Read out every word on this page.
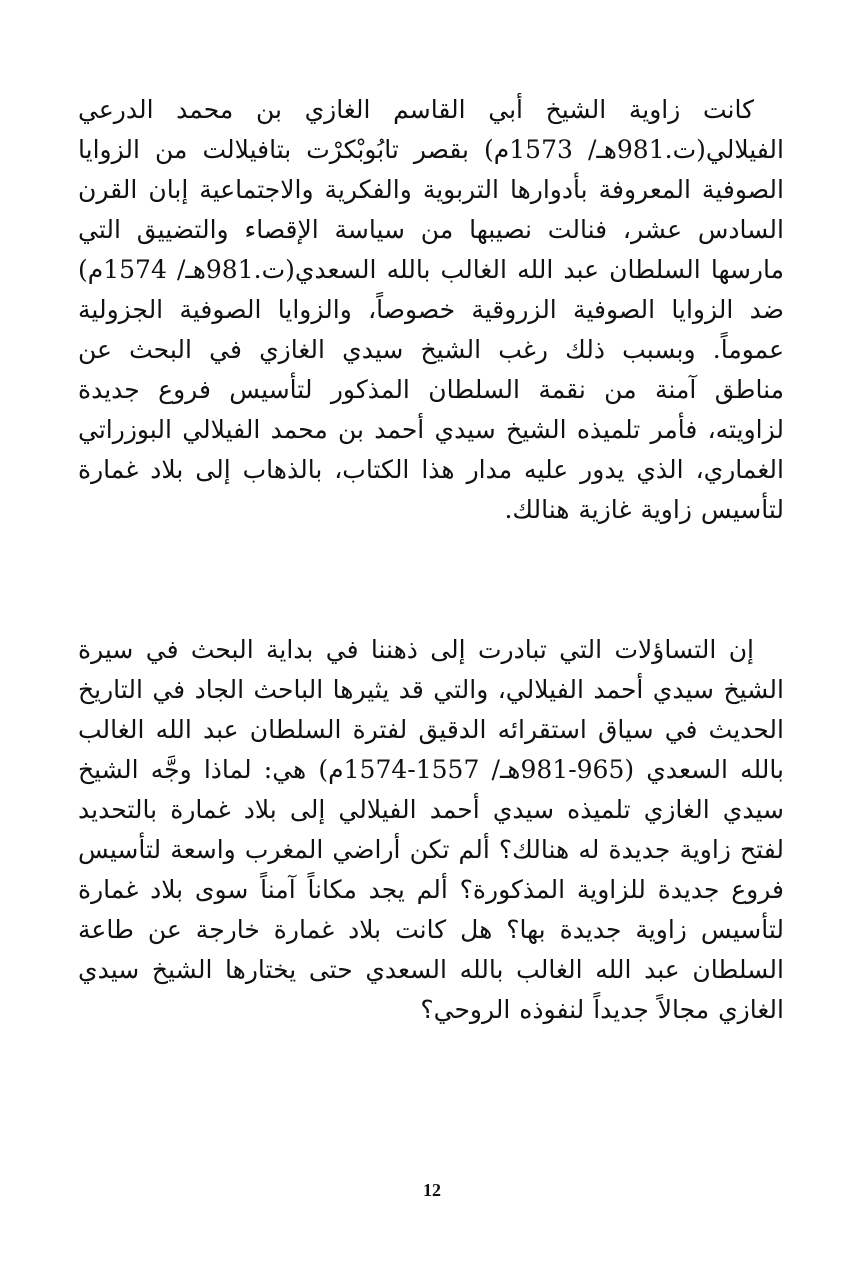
كانت زاوية الشيخ أبي القاسم الغازي بن محمد الدرعي الفيلالي(ت.981هـ/ 1573م) بقصر تابُوبْكرْت بتافيلالت من الزوايا الصوفية المعروفة بأدوارها التربوية والفكرية والاجتماعية إبان القرن السادس عشر، فنالت نصيبها من سياسة الإقصاء والتضييق التي مارسها السلطان عبد الله الغالب بالله السعدي(ت.981هـ/ 1574م) ضد الزوايا الصوفية الزروقية خصوصاً، والزوايا الصوفية الجزولية عموماً. وبسبب ذلك رغب الشيخ سيدي الغازي في البحث عن مناطق آمنة من نقمة السلطان المذكور لتأسيس فروع جديدة لزاويته، فأمر تلميذه الشيخ سيدي أحمد بن محمد الفيلالي البوزراتي الغماري، الذي يدور عليه مدار هذا الكتاب، بالذهاب إلى بلاد غمارة لتأسيس زاوية غازية هنالك.

إن التساؤلات التي تبادرت إلى ذهننا في بداية البحث في سيرة الشيخ سيدي أحمد الفيلالي، والتي قد يثيرها الباحث الجاد في التاريخ الحديث في سياق استقرائه الدقيق لفترة السلطان عبد الله الغالب بالله السعدي (965-981هـ/ 1557-1574م) هي: لماذا وجَّه الشيخ سيدي الغازي تلميذه سيدي أحمد الفيلالي إلى بلاد غمارة بالتحديد لفتح زاوية جديدة له هنالك؟ ألم تكن أراضي المغرب واسعة لتأسيس فروع جديدة للزاوية المذكورة؟ ألم يجد مكاناً آمناً سوى بلاد غمارة لتأسيس زاوية جديدة بها؟ هل كانت بلاد غمارة خارجة عن طاعة السلطان عبد الله الغالب بالله السعدي حتى يختارها الشيخ سيدي الغازي مجالاً جديداً لنفوذه الروحي؟

12
